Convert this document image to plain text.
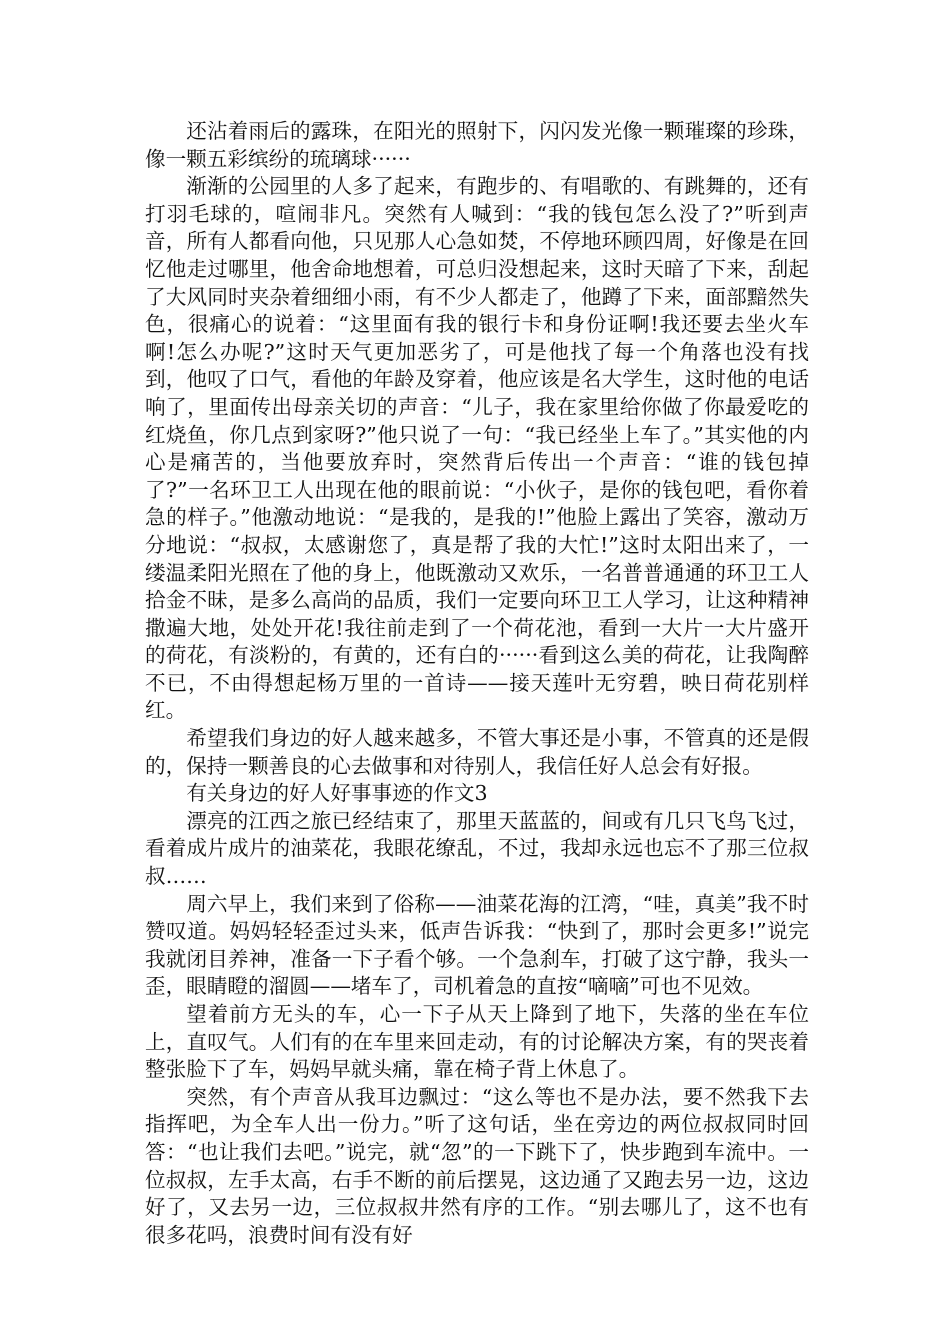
还沾着雨后的露珠，在阳光的照射下，闪闪发光像一颗璀璨的珍珠，像一颗五彩缤纷的琉璃球······

渐渐的公园里的人多了起来，有跑步的、有唱歌的、有跳舞的，还有打羽毛球的，喧闹非凡。突然有人喊到：“我的钱包怎么没了?”听到声音，所有人都看向他，只见那人心急如焚，不停地环顾四周，好像是在回忆他走过哪里，他舍命地想着，可总归没想起来，这时天暗了下来，刮起了大风同时夹杂着细细小雨，有不少人都走了，他蹲了下来，面部黯然失色，很痛心的说着：“这里面有我的银行卡和身份证啊!我还要去坐火车啊!怎么办呢?”这时天气更加恶劣了，可是他找了每一个角落也没有找到，他叹了口气，看他的年龄及穿着，他应该是名大学生，这时他的电话响了，里面传出母亲关切的声音：“儿子，我在家里给你做了你最爱吃的红烧鱼，你几点到家呀?”他只说了一句：“我已经坐上车了。”其实他的内心是痛苦的，当他要放弃时，突然背后传出一个声音：“谁的钱包掉了?”一名环卫工人出现在他的眼前说：“小伙子，是你的钱包吧，看你着急的样子。”他激动地说：“是我的，是我的!”他脸上露出了笑容，激动万分地说：“叔叔，太感谢您了，真是帮了我的大忙!”这时太阳出来了，一缕温柔阳光照在了他的身上，他既激动又欢乐，一名普普通通的环卫工人拾金不昧，是多么高尚的品质，我们一定要向环卫工人学习，让这种精神撒遍大地，处处开花!我往前走到了一个荷花池，看到一大片一大片盛开的荷花，有淡粉的，有黄的，还有白的······看到这么美的荷花，让我陶醉不已，不由得想起杨万里的一首诗——接天莲叶无穷碧，映日荷花别样红。

希望我们身边的好人越来越多，不管大事还是小事，不管真的还是假的，保持一颗善良的心去做事和对待别人，我信任好人总会有好报。

有关身边的好人好事事迹的作文3

漂亮的江西之旅已经结束了，那里天蓝蓝的，间或有几只飞鸟飞过，看着成片成片的油菜花，我眼花缭乱，不过，我却永远也忘不了那三位叔叔……

周六早上，我们来到了俗称——油菜花海的江湾，“哇，真美”我不时赞叹道。妈妈轻轻歪过头来，低声告诉我：“快到了，那时会更多!”说完我就闭目养神，准备一下子看个够。一个急刹车，打破了这宁静，我头一歪，眼睛瞪的溜圆——堵车了，司机着急的直按“嘀嘀”可也不见效。

望着前方无头的车，心一下子从天上降到了地下，失落的坐在车位上，直叹气。人们有的在车里来回走动，有的讨论解决方案，有的哭丧着整张脸下了车，妈妈早就头痛，靠在椅子背上休息了。

突然，有个声音从我耳边飘过：“这么等也不是办法，要不然我下去指挥吧，为全车人出一份力。”听了这句话，坐在旁边的两位叔叔同时回答：“也让我们去吧。”说完，就“忽”的一下跳下了，快步跑到车流中。一位叔叔，左手太高，右手不断的前后摆晃，这边通了又跑去另一边，这边好了，又去另一边，三位叔叔井然有序的工作。“别去哪儿了，这不也有很多花吗，浪费时间有没有好
